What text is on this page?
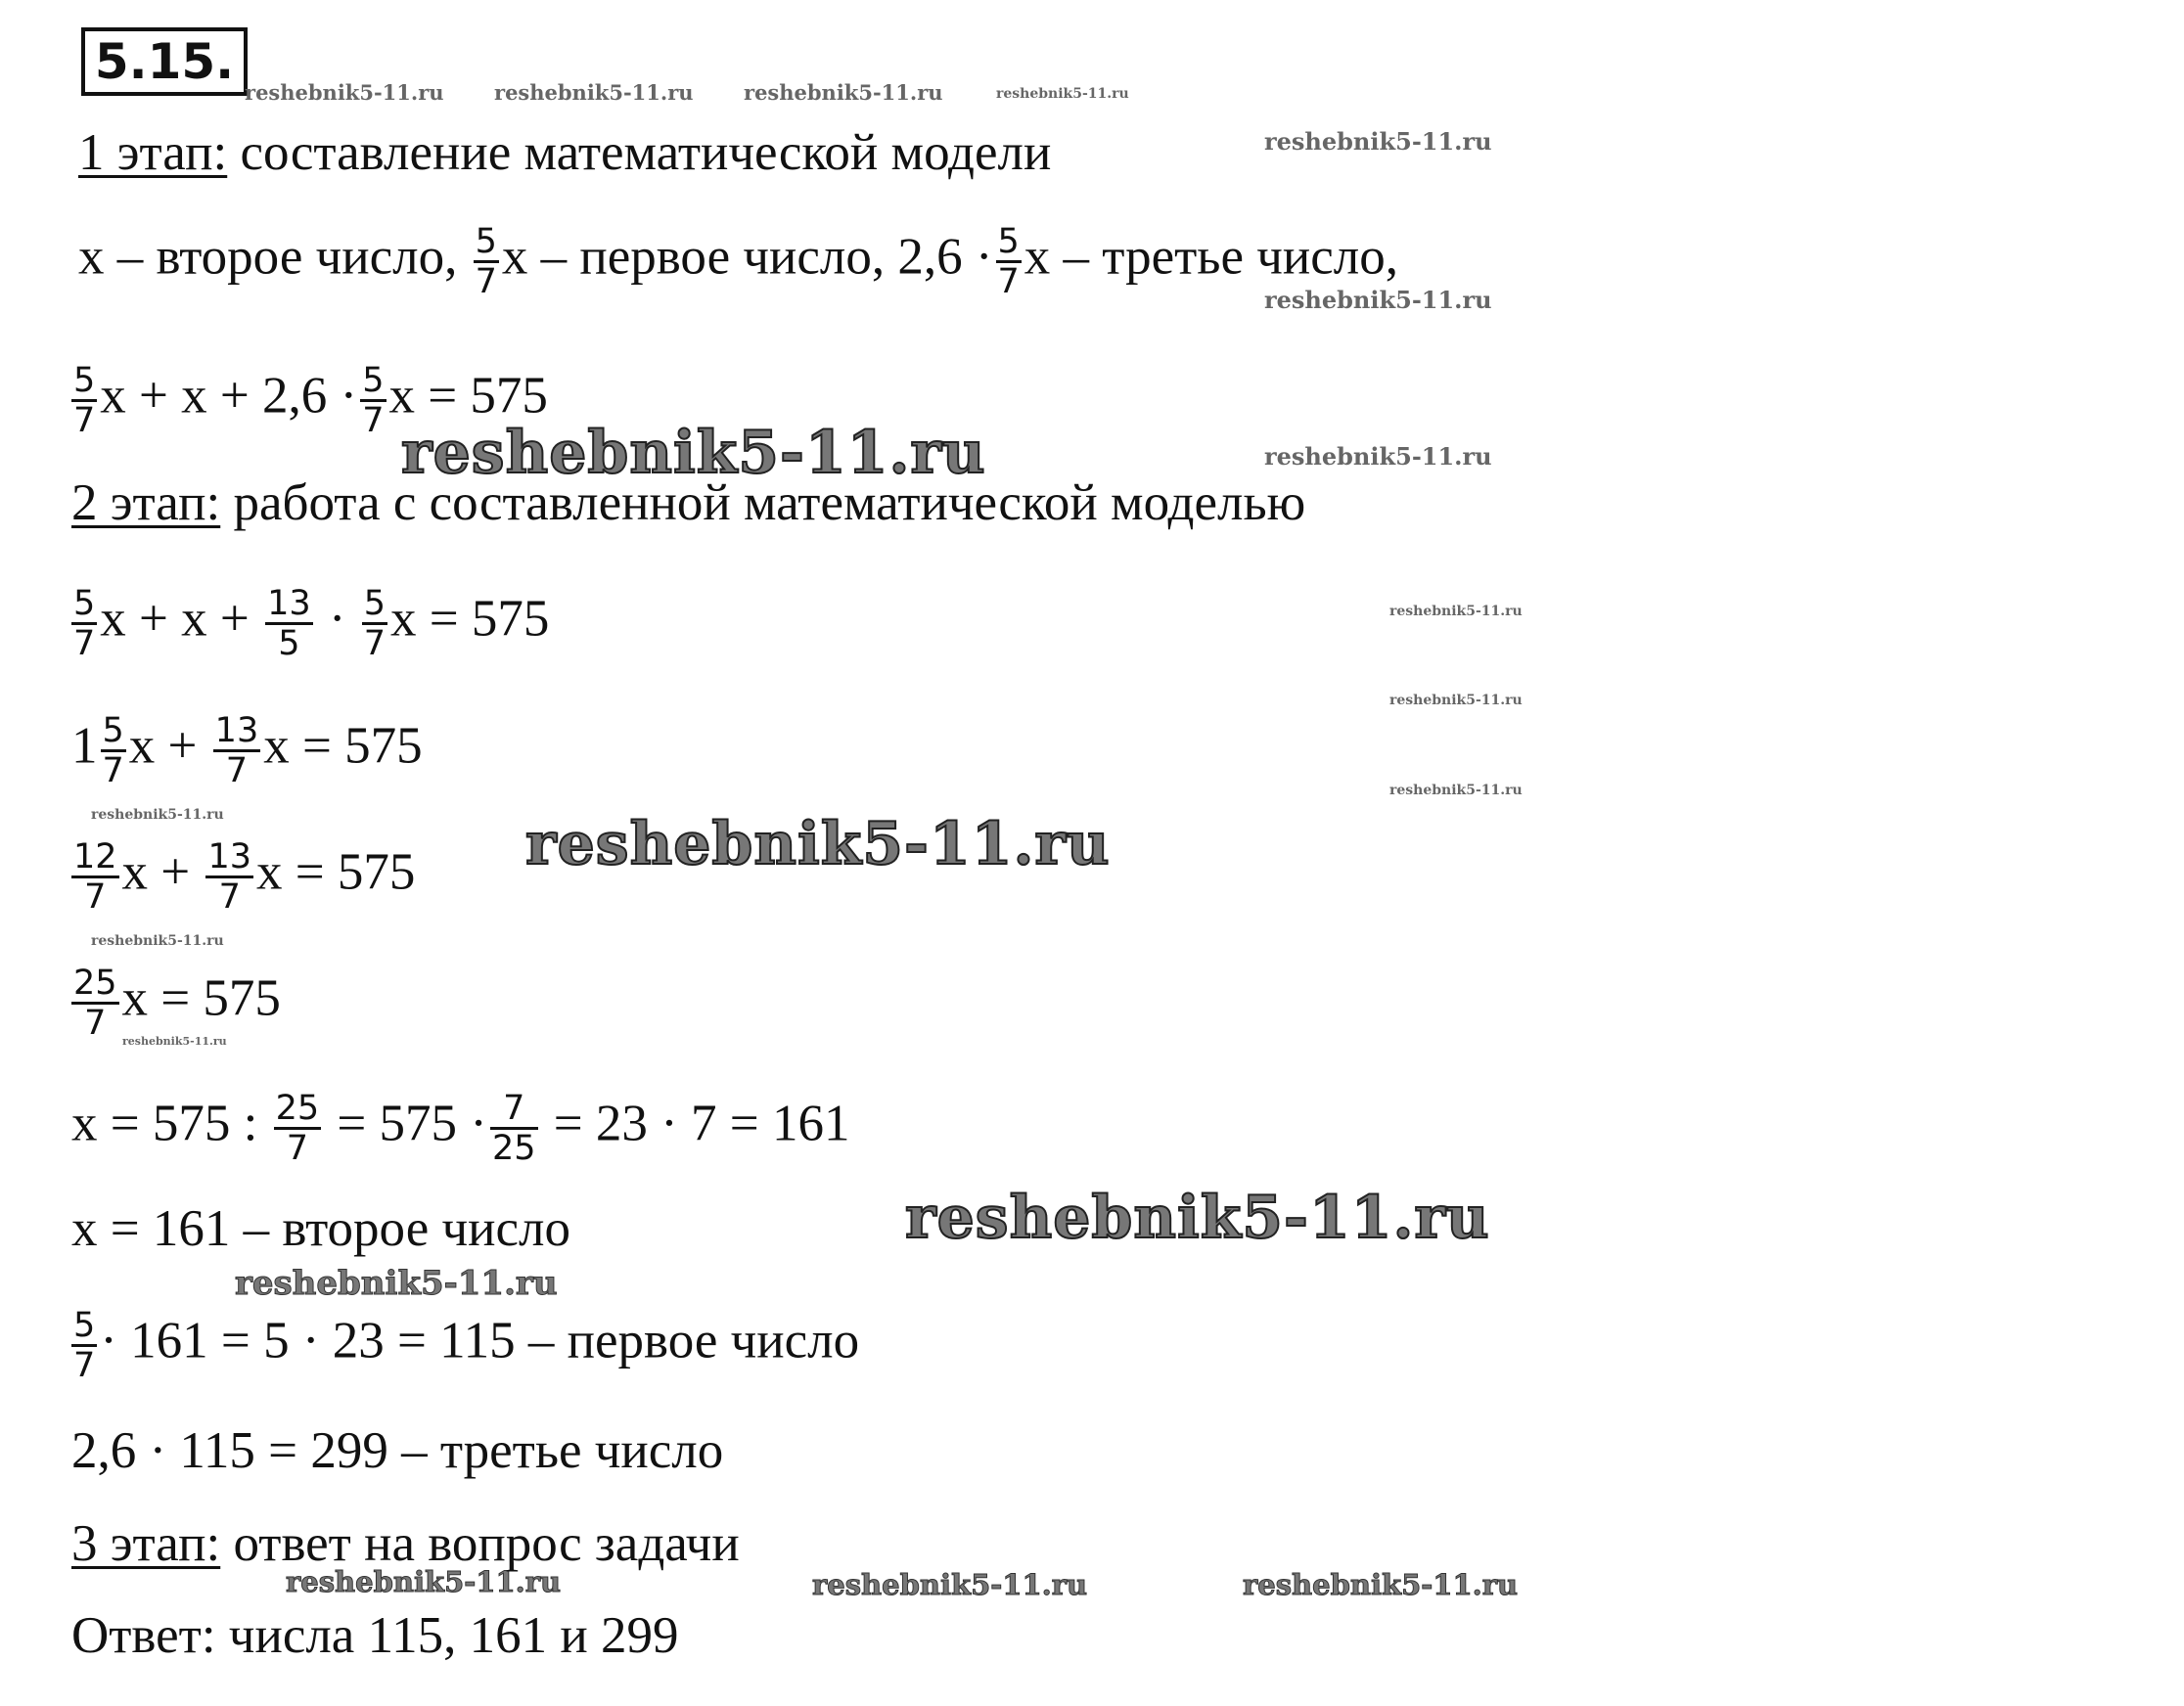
5.15.
reshebnik5-11.ru reshebnik5-11.ru reshebnik5-11.ru	reshebnik5-11.ru
reshebnik5-11.ru
reshebnik5-11.ru
reshebnik5-11.ru	reshebnik5-11.ru
reshebnik5-11.ru
reshebnik5-11.ru
reshebnik5-11.ru
reshebnik5-11.ru	reshebnik5-11.ru
reshebnik5-11.ru
reshebnik5-11.ru
reshebnik5-11.ru
reshebnik5-11.ru
reshebnik5-11.ru	reshebnik5-11.ru	reshebnik5-11.ru
1 этап: составление математической модели
x – второе число, $\frac{5}{7}$ x – первое число, $2,6 \cdot \frac{5}{7}$ x – третье число,
$\frac{5}{7}$ $x + x + 2,6 \cdot \frac{5}{7}$ x = 575
2 этап: работа с составленной математической моделью
$\frac{5}{7}$ $x + x + \frac{13}{5} \cdot \frac{5}{7}$ x = 575
$1 \frac{5}{7}$ $x + \frac{13}{7}$ x = 575
$\frac{12}{7}$ $x + \frac{13}{7}$ x = 575
$\frac{25}{7}$ x = 575
x = 575 : $\frac{25}{7} = 575 \cdot \frac{7}{25} = 23 \cdot 7 = 161$
x = 161 – второе число
$\frac{5}{7} \cdot 161 = 5 \cdot 23 = 115$ – первое число
2,6 · 115 = 299 – третье число
3 этап: ответ на вопрос задачи
Ответ: числа 115, 161 и 299
